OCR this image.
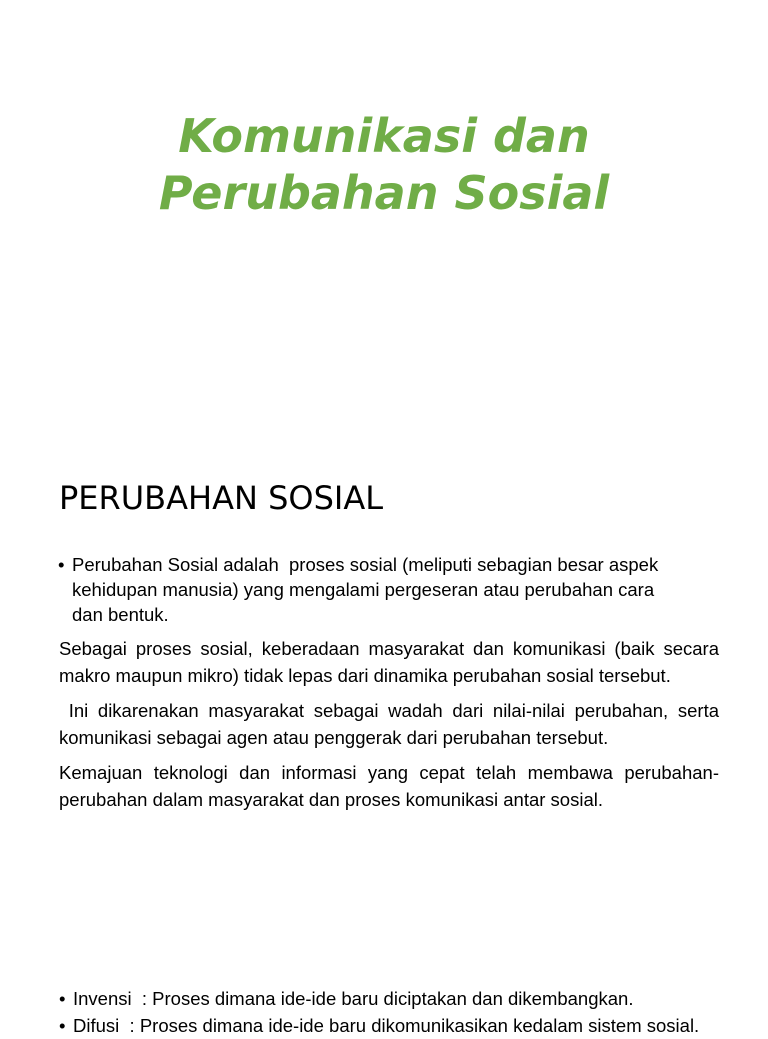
Komunikasi dan
Perubahan Sosial
PERUBAHAN SOSIAL
• Perubahan Sosial adalah  proses sosial (meliputi sebagian besar aspek
kehidupan manusia) yang mengalami pergeseran atau perubahan cara
dan bentuk.

Sebagai proses sosial, keberadaan masyarakat dan komunikasi (baik secara makro maupun mikro) tidak lepas dari dinamika perubahan sosial tersebut.

Ini dikarenakan masyarakat sebagai wadah dari nilai-nilai perubahan, serta komunikasi sebagai agen atau penggerak dari perubahan tersebut.

Kemajuan teknologi dan informasi yang cepat telah membawa perubahan-perubahan dalam masyarakat dan proses komunikasi antar sosial.

• Invensi  : Proses dimana ide-ide baru diciptakan dan dikembangkan.
• Difusi  : Proses dimana ide-ide baru dikomunikasikan kedalam sistem sosial.
